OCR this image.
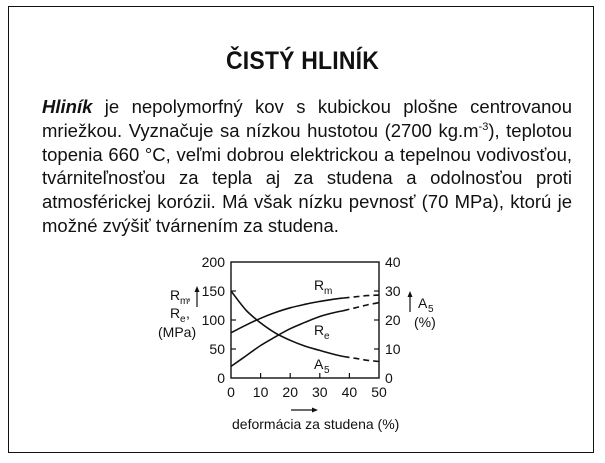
ČISTÝ HLINÍK
Hliník je nepolymorfný kov s kubickou plošne centrovanou mriežkou. Vyznačuje sa nízkou hustotou (2700 $kg.m^{-3}$), teplotou topenia 660 °C, veľmi dobrou elektrickou a tepelnou vodivosťou, tvárniteľnosťou za tepla aj za studena a odolnosťou proti atmosférickej korózii. Má však nízku pevnosť (70 MPa), ktorú je možné zvýšiť tvárnením za studena.
R m
,
R e ,
(MPa)
A 5
(%)
deformácia za studena (%)
0 10 20 30 40 50
0
50
100
150
200
0
10
20
30
40
R m
R e
A 5
